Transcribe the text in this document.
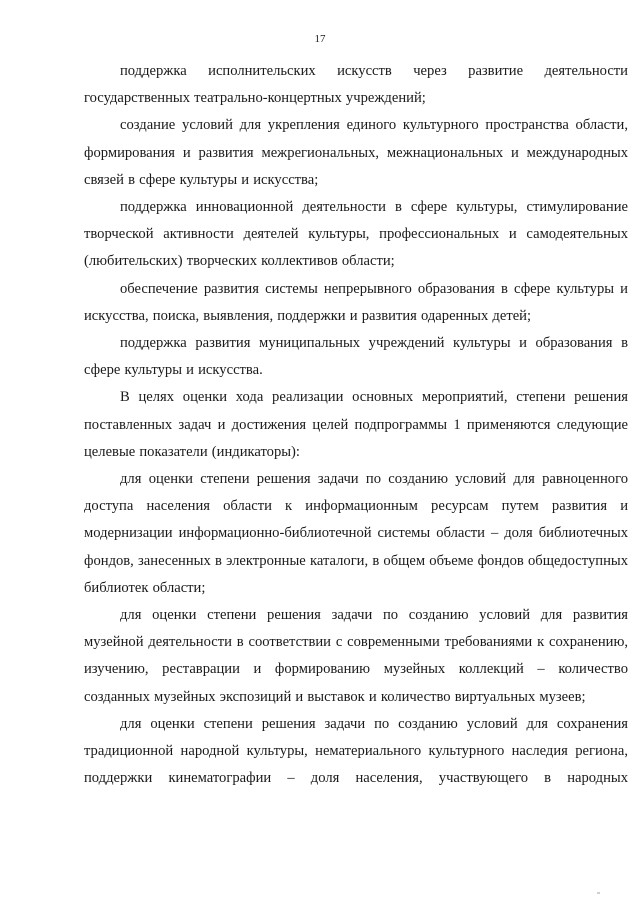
17

поддержка исполнительских искусств через развитие деятельности государственных театрально-концертных учреждений;

создание условий для укрепления единого культурного пространства области, формирования и развития межрегиональных, межнациональных и международных связей в сфере культуры и искусства;

поддержка инновационной деятельности в сфере культуры, стимулирование творческой активности деятелей культуры, профессиональных и самодеятельных (любительских) творческих коллективов области;

обеспечение развития системы непрерывного образования в сфере культуры и искусства, поиска, выявления, поддержки и развития одаренных детей;

поддержка развития муниципальных учреждений культуры и образования в сфере культуры и искусства.

В целях оценки хода реализации основных мероприятий, степени решения поставленных задач и достижения целей подпрограммы 1 применяются следующие целевые показатели (индикаторы):

для оценки степени решения задачи по созданию условий для равноценного доступа населения области к информационным ресурсам путем развития и модернизации информационно-библиотечной системы области – доля библиотечных фондов, занесенных в электронные каталоги, в общем объеме фондов общедоступных библиотек области;

для оценки степени решения задачи по созданию условий для развития музейной деятельности в соответствии с современными требованиями к сохранению, изучению, реставрации и формированию музейных коллекций – количество созданных музейных экспозиций и выставок и количество виртуальных музеев;

для оценки степени решения задачи по созданию условий для сохранения традиционной народной культуры, нематериального культурного наследия региона, поддержки кинематографии – доля населения, участвующего в народных
